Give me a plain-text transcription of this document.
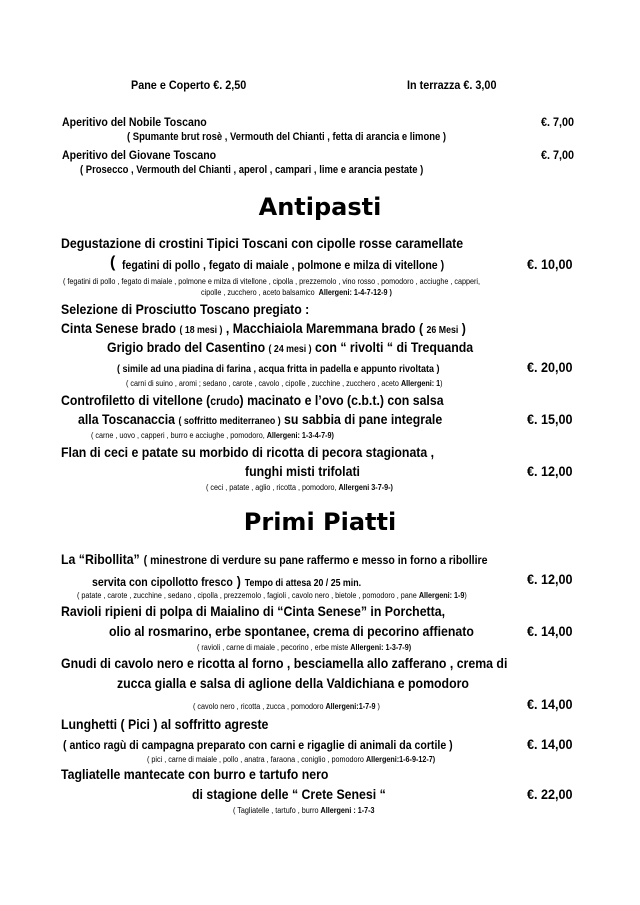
Pane e Coperto €. 2,50	In terrazza €. 3,00
Aperitivo del Nobile Toscano	€. 7,00
( Spumante brut rosè , Vermouth del Chianti , fetta di arancia e limone )
Aperitivo del Giovane Toscano	€. 7,00
( Prosecco , Vermouth del Chianti , aperol , campari , lime e arancia pestate )
Antipasti
Degustazione di crostini Tipici Toscani con cipolle rosse caramellate
( fegatini di pollo , fegato di maiale , polmone e milza di vitellone )	€. 10,00
( fegatini di pollo , fegato di maiale , polmone e milza di vitellone , cipolla , prezzemolo , vino rosso , pomodoro , acciughe , capperi,
cipolle , zucchero , aceto balsamico Allergeni: 1-4-7-12-9 )
Selezione di Prosciutto Toscano pregiato :
Cinta Senese brado ( 18 mesi ) , Macchiaiola Maremmana brado ( 26 Mesi )
Grigio brado del Casentino ( 24 mesi ) con “ rivolti “ di Trequanda
( simile ad una piadina di farina , acqua fritta in padella e appunto rivoltata )	€. 20,00
( carni di suino , aromi ; sedano , carote , cavolo , cipolle , zucchine , zucchero , aceto Allergeni: 1)
Controfiletto di vitellone (crudo) macinato e l’ovo (c.b.t.) con salsa
alla Toscanaccia ( soffritto mediterraneo ) su sabbia di pane integrale	€. 15,00
( carne , uovo , capperi , burro e acciughe , pomodoro, Allergeni: 1-3-4-7-9)
Flan di ceci e patate su morbido di ricotta di pecora stagionata ,
funghi misti trifolati	€. 12,00
( ceci , patate , aglio , ricotta , pomodoro, Allergeni 3-7-9-)
Primi Piatti
La “Ribollita” ( minestrone di verdure su pane raffermo e messo in forno a ribollire
servita con cipollotto fresco ) Tempo di attesa 20 / 25 min.	€. 12,00
( patate , carote , zucchine , sedano , cipolla , prezzemolo , fagioli , cavolo nero , bietole , pomodoro , pane Allergeni: 1-9)
Ravioli ripieni di polpa di Maialino di “Cinta Senese” in Porchetta,
olio al rosmarino, erbe spontanee, crema di pecorino affienato	€. 14,00
( ravioli , carne di maiale , pecorino , erbe miste Allergeni: 1-3-7-9)
Gnudi di cavolo nero e ricotta al forno , besciamella allo zafferano , crema di
zucca gialla e salsa di aglione della Valdichiana e pomodoro
€. 14,00
( cavolo nero , ricotta , zucca , pomodoro Allergeni:1-7-9 )
Lunghetti ( Pici ) al soffritto agreste
( antico ragù di campagna preparato con carni e rigaglie di animali da cortile )	€. 14,00
( pici , carne di maiale , pollo , anatra , faraona , coniglio , pomodoro Allergeni:1-6-9-12-7)
Tagliatelle mantecate con burro e tartufo nero
di stagione delle “ Crete Senesi “	€. 22,00
( Tagliatelle , tartufo , burro Allergeni : 1-7-3
